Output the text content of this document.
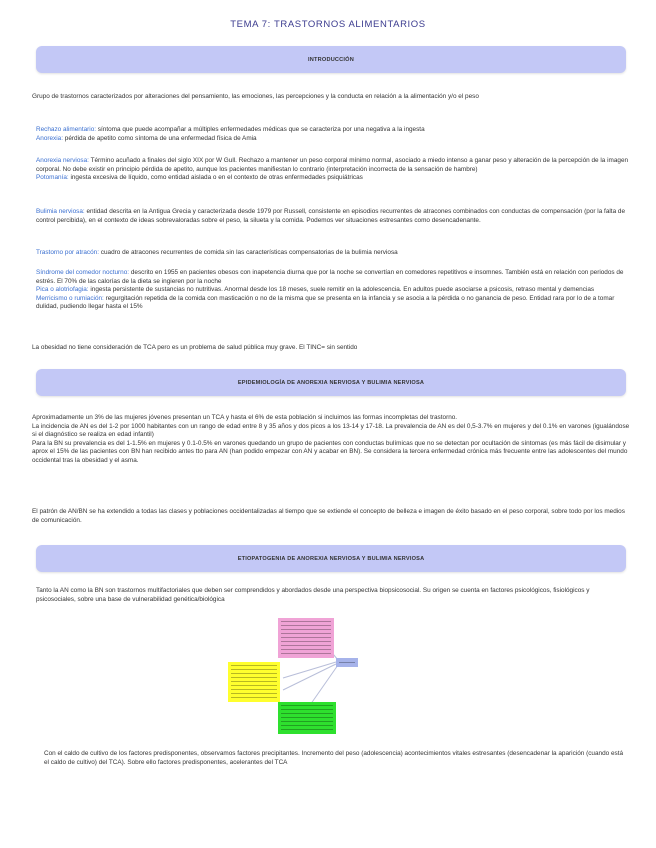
TEMA 7: TRASTORNOS ALIMENTARIOS
INTRODUCCIÓN
Grupo de trastornos caracterizados por alteraciones del pensamiento, las emociones, las percepciones y la conducta en relación a la alimentación y/o el peso
Rechazo alimentario: síntoma que puede acompañar a múltiples enfermedades médicas que se caracteriza por una negativa a la ingesta
Anorexia: pérdida de apetito como síntoma de una enfermedad física de Amia
Anorexia nerviosa: Término acuñado a finales del siglo XIX por W Gull. Rechazo a mantener un peso corporal mínimo normal, asociado a miedo intenso a ganar peso y alteración de la percepción de la imagen corporal. No debe existir en principio pérdida de apetito, aunque los pacientes manifiestan lo contrario (interpretación incorrecta de la sensación de hambre)
Potomanía: ingesta excesiva de líquido, como entidad aislada o en el contexto de otras enfermedades psiquiátricas
Bulimia nerviosa: entidad descrita en la Antigua Grecia y caracterizada desde 1979 por Russell, consistente en episodios recurrentes de atracones combinados con conductas de compensación (por la falta de control percibida), en el contexto de ideas sobrevaloradas sobre el peso, la silueta y la comida. Podemos ver situaciones estresantes como desencadenante.
Trastorno por atracón: cuadro de atracones recurrentes de comida sin las características compensatorias de la bulimia nerviosa
Síndrome del comedor nocturno: descrito en 1955 en pacientes obesos con inapetencia diurna que por la noche se convertían en comedores repetitivos e insomnes. También está en relación con periodos de estrés. El 70% de las calorías de la dieta se ingieren por la noche
Pica o alotriofagia: ingesta persistente de sustancias no nutritivas. Anormal desde los 18 meses, suele remitir en la adolescencia. En adultos puede asociarse a psicosis, retraso mental y demencias
Merricismo o rumiación: regurgitación repetida de la comida con masticación o no de la misma que se presenta en la infancia y se asocia a la pérdida o no ganancia de peso. Entidad rara por lo de a tomar dulidad, pudiendo llegar hasta el 15%
La obesidad no tiene consideración de TCA pero es un problema de salud pública muy grave. El TINC= sin sentido
EPIDEMIOLOGÍA DE ANOREXIA NERVIOSA Y BULIMIA NERVIOSA
Aproximadamente un 3% de las mujeres jóvenes presentan un TCA y hasta el 6% de esta población si incluimos las formas incompletas del trastorno.
La incidencia de AN es del 1-2 por 1000 habitantes con un rango de edad entre 8 y 35 años y dos picos a los 13-14 y 17-18. La prevalencia de AN es del 0,5-3.7% en mujeres y del 0.1% en varones (igualándose si el diagnóstico se realiza en edad infantil)
Para la BN su prevalencia es del 1-1.5% en mujeres y 0.1-0.5% en varones quedando un grupo de pacientes con conductas bulímicas que no se detectan por ocultación de síntomas (es más fácil de disimular y aprox el 15% de las pacientes con BN han recibido antes tto para AN (han podido empezar con AN y acabar en BN). Se considera la tercera enfermedad crónica más frecuente entre las adolescentes del mundo occidental tras la obesidad y el asma.
El patrón de AN/BN se ha extendido a todas las clases y poblaciones occidentalizadas al tiempo que se extiende el concepto de belleza e imagen de éxito basado en el peso corporal, sobre todo por los medios de comunicación.
ETIOPATOGENIA DE ANOREXIA NERVIOSA Y BULIMIA NERVIOSA
Tanto la AN como la BN son trastornos multifactoriales que deben ser comprendidos y abordados desde una perspectiva biopsicosocial. Su origen se cuenta en factores psicológicos, fisiológicos y psicosociales, sobre una base de vulnerabilidad genética/biológica
Con el caldo de cultivo de los factores predisponentes, observamos factores precipitantes. Incremento del peso (adolescencia) acontecimientos vitales estresantes (desencadenar la aparición (cuando está el caldo de cultivo) del TCA). Sobre ello factores predisponentes, acelerantes del TCA
